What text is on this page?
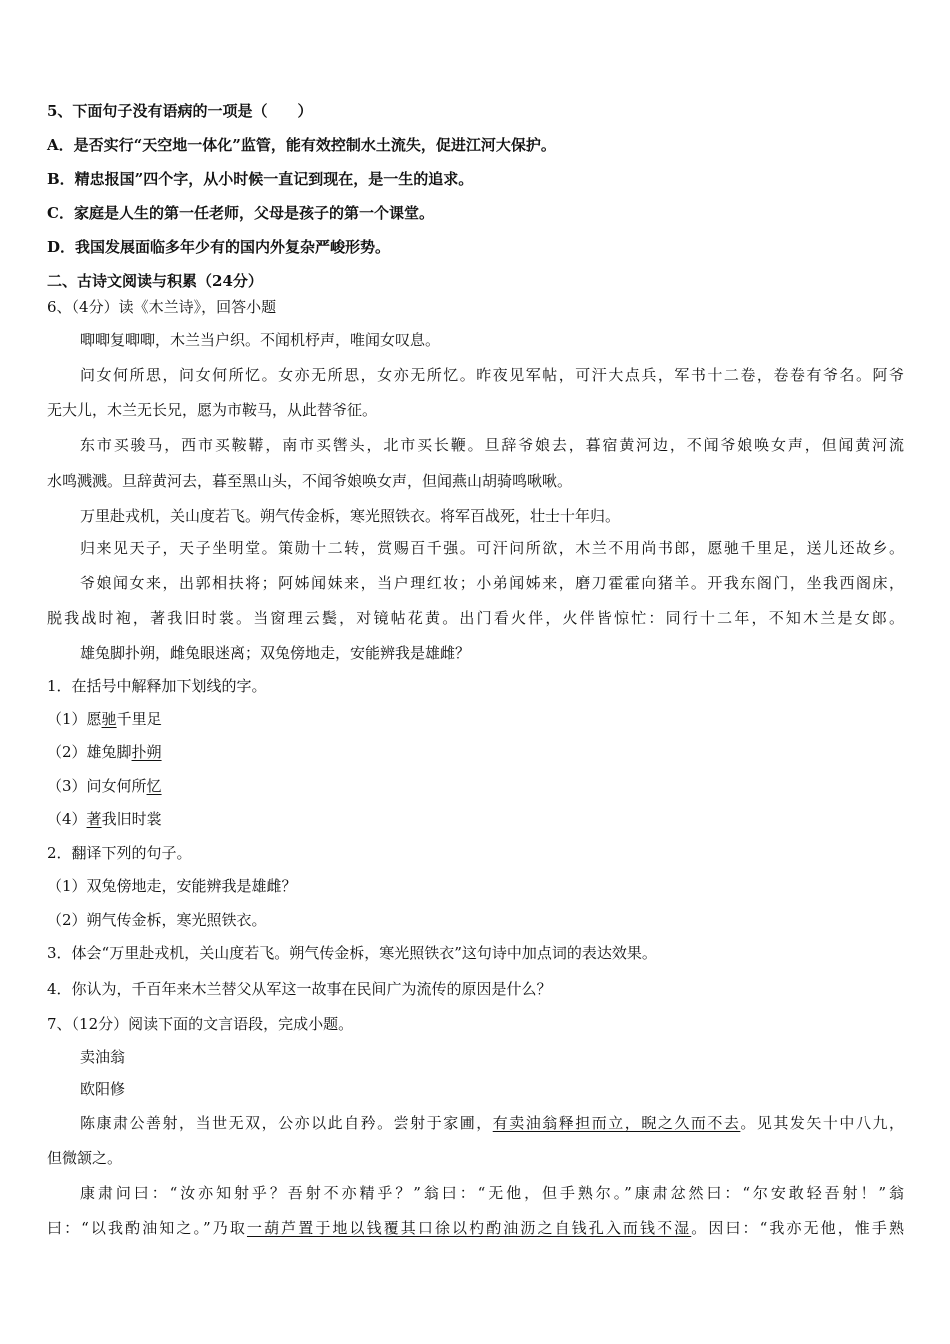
5、下面句子没有语病的一项是（　　）
A．是否实行“天空地一体化”监管，能有效控制水土流失，促进江河大保护。
B．精忠报国”四个字，从小时候一直记到现在，是一生的追求。
C．家庭是人生的第一任老师，父母是孩子的第一个课堂。
D．我国发展面临多年少有的国内外复杂严峻形势。
二、古诗文阅读与积累（24分）
6、（4分）读《木兰诗》，回答小题
唧唧复唧唧，木兰当户织。不闻机杼声，唯闻女叹息。
问女何所思，问女何所忆。女亦无所思，女亦无所忆。昨夜见军帖，可汗大点兵，军书十二卷，卷卷有爷名。阿爷
无大儿，木兰无长兄，愿为市鞍马，从此替爷征。
东市买骏马，西市买鞍鞯，南市买辔头，北市买长鞭。旦辞爷娘去，暮宿黄河边，不闻爷娘唤女声，但闻黄河流
水鸣溅溅。旦辞黄河去，暮至黑山头，不闻爷娘唤女声，但闻燕山胡骑鸣啾啾。
万里赴戎机，关山度若飞。朔气传金柝，寒光照铁衣。将军百战死，壮士十年归。
归来见天子，天子坐明堂。策勋十二转，赏赐百千强。可汗问所欲，木兰不用尚书郎，愿驰千里足，送儿还故乡。
爷娘闻女来，出郭相扶将；阿姊闻妹来，当户理红妆；小弟闻姊来，磨刀霍霍向猪羊。开我东阁门，坐我西阁床，
脱我战时袍，著我旧时裳。当窗理云鬓，对镜帖花黄。出门看火伴，火伴皆惊忙：同行十二年，不知木兰是女郎。
雄兔脚扑朔，雌兔眼迷离；双兔傍地走，安能辨我是雄雌？
1．在括号中解释加下划线的字。
（1）愿驰千里足
（2）雄兔脚扑朔
（3）问女何所忆
（4）著我旧时裳
2．翻译下列的句子。
（1）双兔傍地走，安能辨我是雄雌？
（2）朔气传金柝，寒光照铁衣。
3．体会“万里赴戎机，关山度若飞。朔气传金柝，寒光照铁衣”这句诗中加点词的表达效果。
4．你认为，千百年来木兰替父从军这一故事在民间广为流传的原因是什么？
7、（12分）阅读下面的文言语段，完成小题。
卖油翁
欧阳修
陈康肃公善射，当世无双，公亦以此自矜。尝射于家圃，有卖油翁释担而立，睨之久而不去。见其发矢十中八九，
但微颔之。
康肃问曰：“汝亦知射乎？吾射不亦精乎？”翁曰：“无他，但手熟尔。”康肃忿然曰：“尔安敢轻吾射！”翁
曰：“以我酌油知之。”乃取一葫芦置于地以钱覆其口徐以杓酌油沥之自钱孔入而钱不湿。因曰：“我亦无他，惟手熟
